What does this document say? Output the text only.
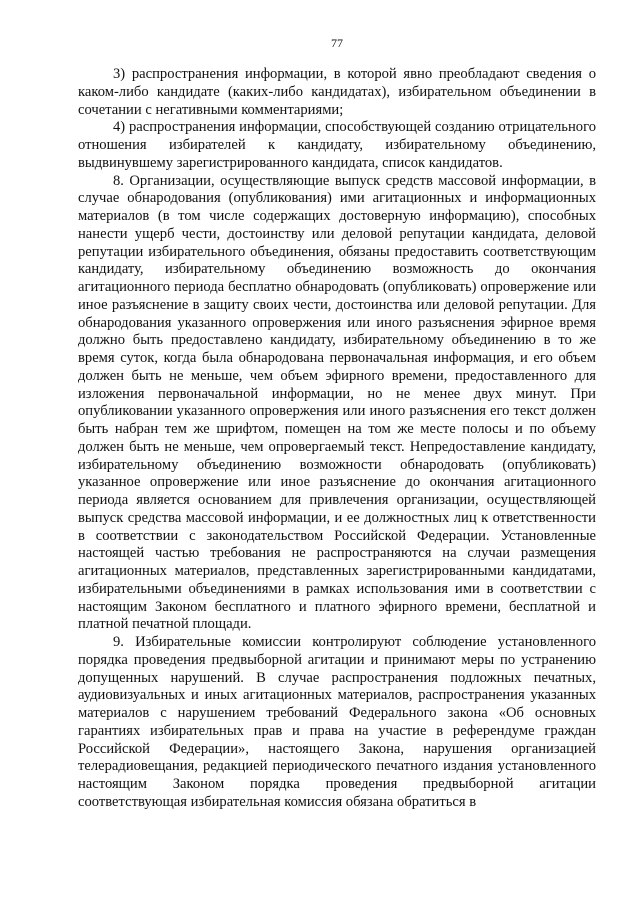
77

3) распространения информации, в которой явно преобладают сведения о каком-либо кандидате (каких-либо кандидатах), избирательном объединении в сочетании с негативными комментариями;

4) распространения информации, способствующей созданию отрицательного отношения избирателей к кандидату, избирательному объединению, выдвинувшему зарегистрированного кандидата, список кандидатов.

8. Организации, осуществляющие выпуск средств массовой информации, в случае обнародования (опубликования) ими агитационных и информационных материалов (в том числе содержащих достоверную информацию), способных нанести ущерб чести, достоинству или деловой репутации кандидата, деловой репутации избирательного объединения, обязаны предоставить соответствующим кандидату, избирательному объединению возможность до окончания агитационного периода бесплатно обнародовать (опубликовать) опровержение или иное разъяснение в защиту своих чести, достоинства или деловой репутации. Для обнародования указанного опровержения или иного разъяснения эфирное время должно быть предоставлено кандидату, избирательному объединению в то же время суток, когда была обнародована первоначальная информация, и его объем должен быть не меньше, чем объем эфирного времени, предоставленного для изложения первоначальной информации, но не менее двух минут. При опубликовании указанного опровержения или иного разъяснения его текст должен быть набран тем же шрифтом, помещен на том же месте полосы и по объему должен быть не меньше, чем опровергаемый текст. Непредоставление кандидату, избирательному объединению возможности обнародовать (опубликовать) указанное опровержение или иное разъяснение до окончания агитационного периода является основанием для привлечения организации, осуществляющей выпуск средства массовой информации, и ее должностных лиц к ответственности в соответствии с законодательством Российской Федерации. Установленные настоящей частью требования не распространяются на случаи размещения агитационных материалов, представленных зарегистрированными кандидатами, избирательными объединениями в рамках использования ими в соответствии с настоящим Законом бесплатного и платного эфирного времени, бесплатной и платной печатной площади.

9. Избирательные комиссии контролируют соблюдение установленного порядка проведения предвыборной агитации и принимают меры по устранению допущенных нарушений. В случае распространения подложных печатных, аудиовизуальных и иных агитационных материалов, распространения указанных материалов с нарушением требований Федерального закона «Об основных гарантиях избирательных прав и права на участие в референдуме граждан Российской Федерации», настоящего Закона, нарушения организацией телерадиовещания, редакцией периодического печатного издания установленного настоящим Законом порядка проведения предвыборной агитации соответствующая избирательная комиссия обязана обратиться в
